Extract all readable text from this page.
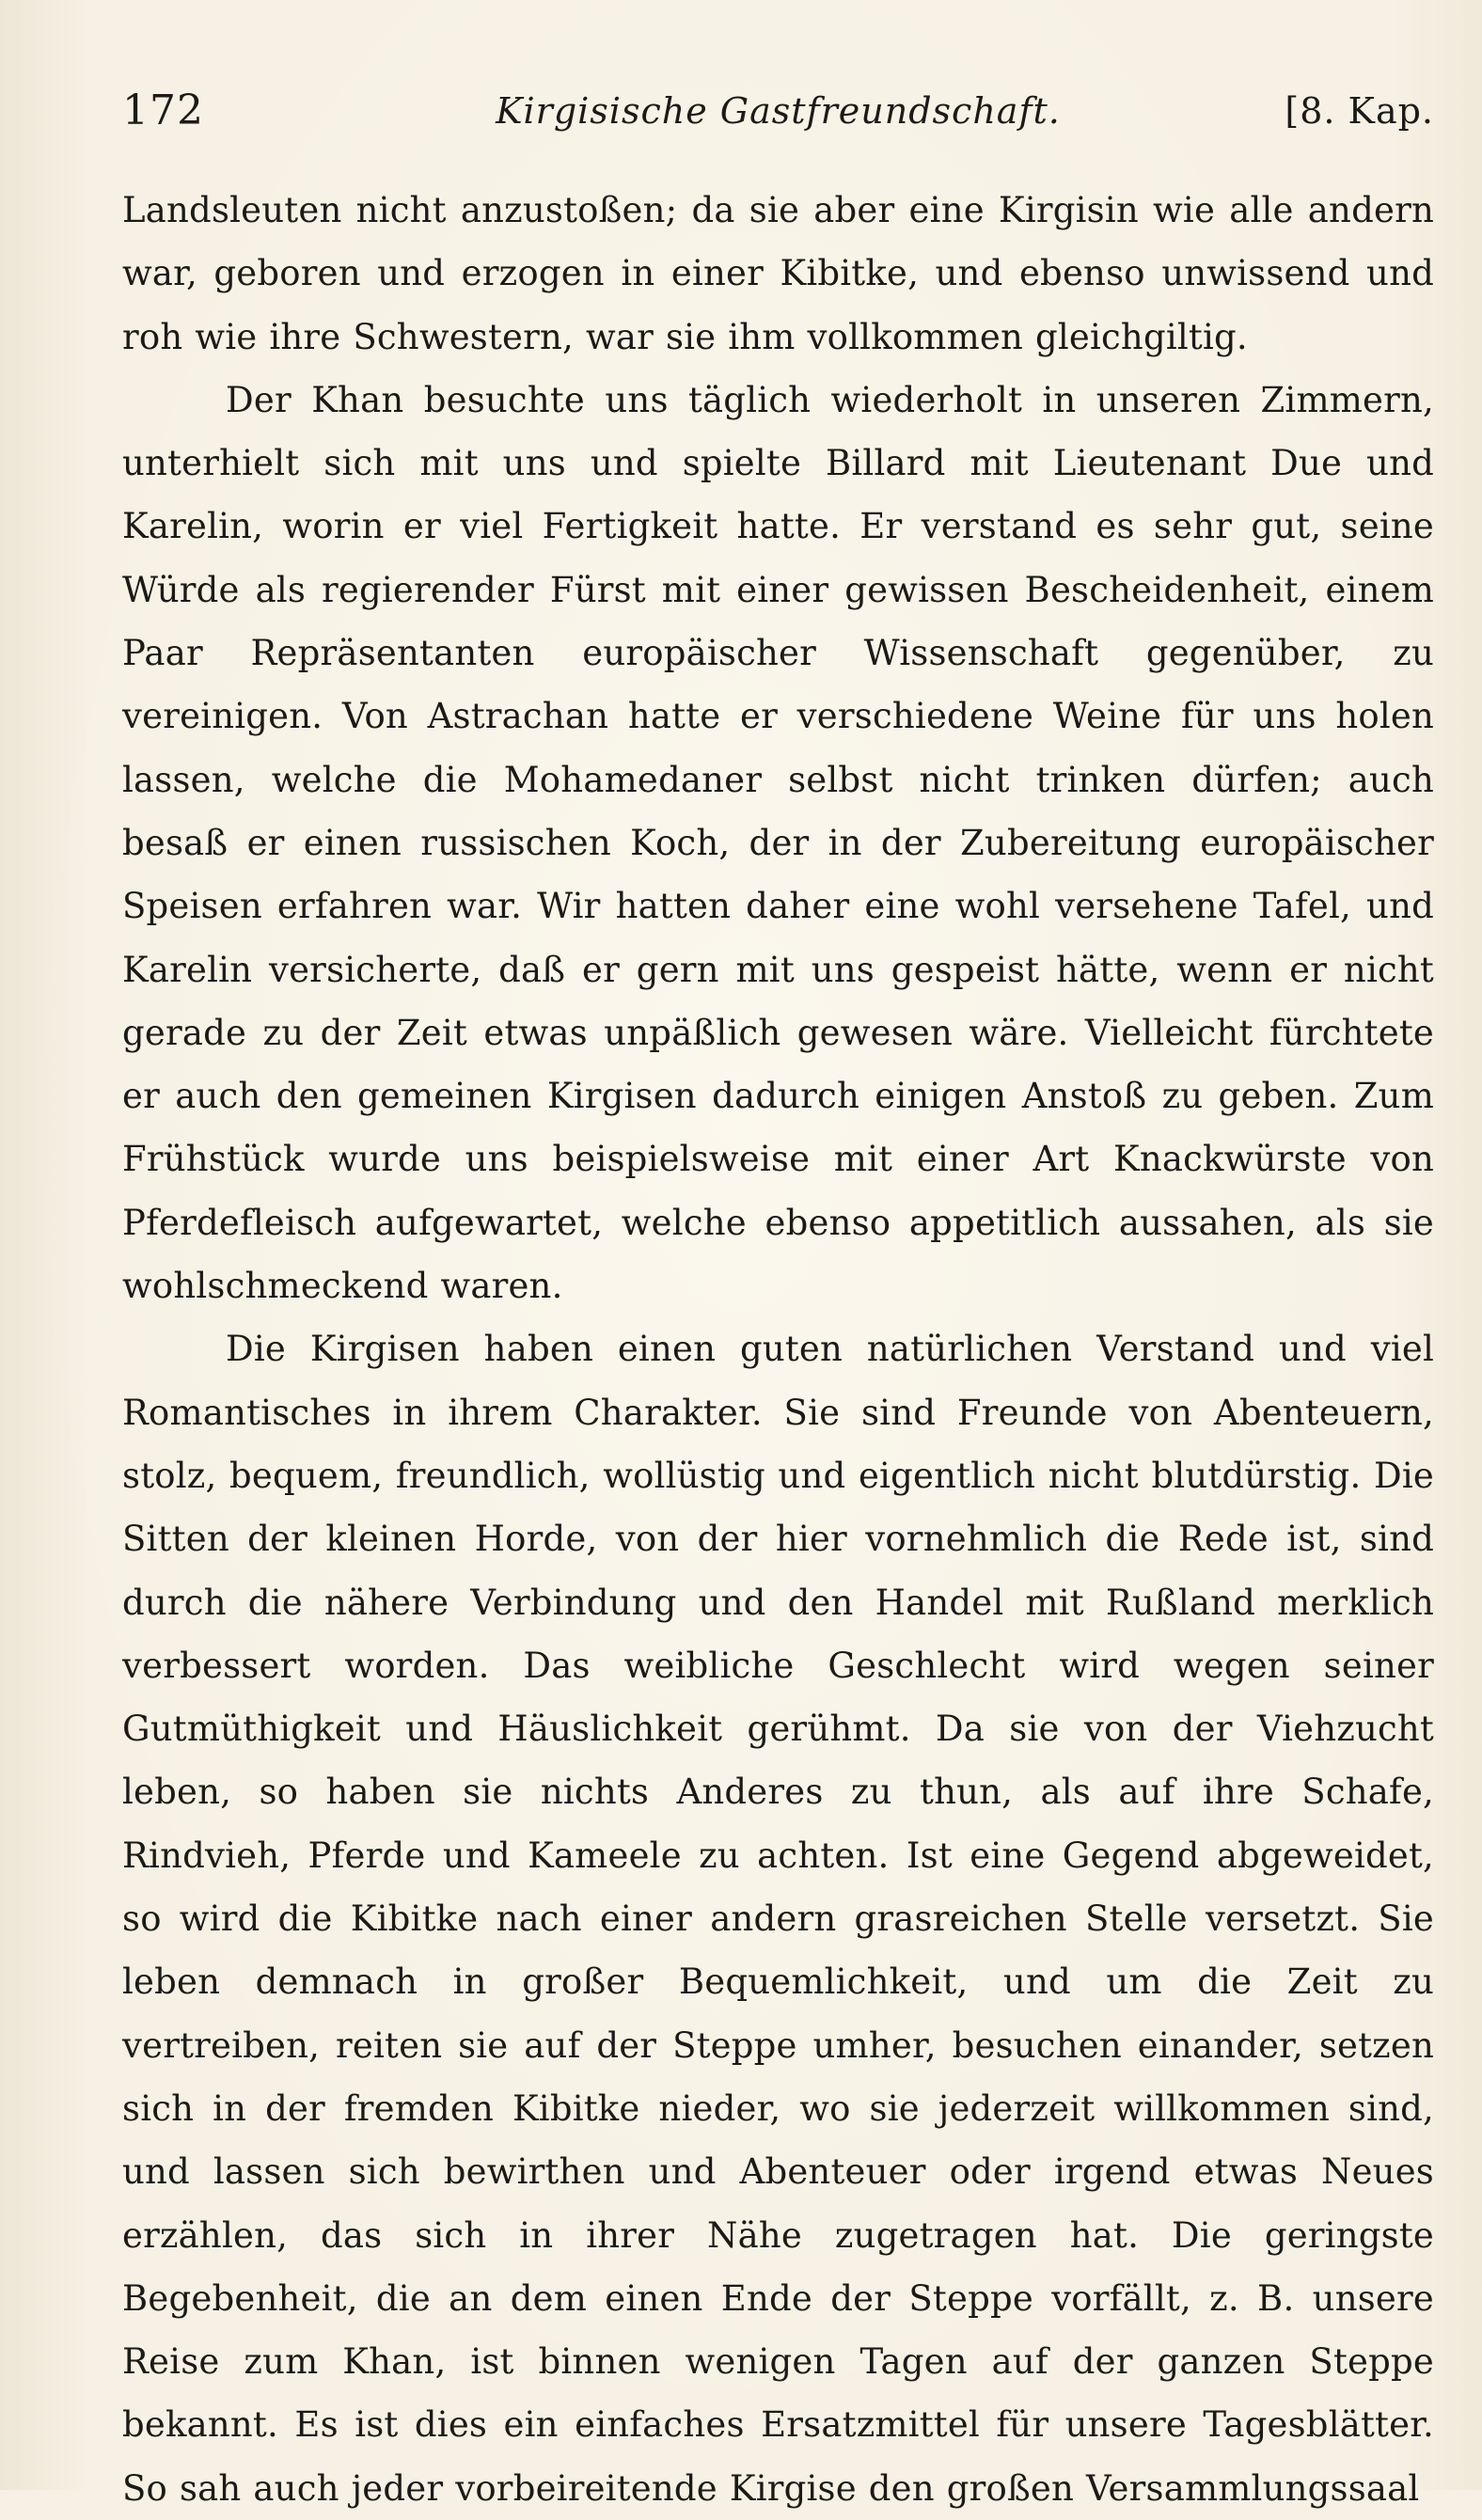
172	Kirgisische Gastfreundschaft.	[8. Kap.

Landsleuten nicht anzustoßen; da sie aber eine Kirgisin wie alle andern war, geboren und erzogen in einer Kibitke, und ebenso unwissend und roh wie ihre Schwestern, war sie ihm vollkommen gleichgiltig.

Der Khan besuchte uns täglich wiederholt in unseren Zimmern, unterhielt sich mit uns und spielte Billard mit Lieutenant Due und Karelin, worin er viel Fertigkeit hatte. Er verstand es sehr gut, seine Würde als regierender Fürst mit einer gewissen Bescheidenheit, einem Paar Repräsentanten europäischer Wissenschaft gegenüber, zu vereinigen. Von Astrachan hatte er verschiedene Weine für uns holen lassen, welche die Mohamedaner selbst nicht trinken dürfen; auch besaß er einen russischen Koch, der in der Zubereitung europäischer Speisen erfahren war. Wir hatten daher eine wohl versehene Tafel, und Karelin versicherte, daß er gern mit uns gespeist hätte, wenn er nicht gerade zu der Zeit etwas unpäßlich gewesen wäre. Vielleicht fürchtete er auch den gemeinen Kirgisen dadurch einigen Anstoß zu geben. Zum Frühstück wurde uns beispielsweise mit einer Art Knackwürste von Pferdefleisch aufgewartet, welche ebenso appetitlich aussahen, als sie wohlschmeckend waren.

Die Kirgisen haben einen guten natürlichen Verstand und viel Romantisches in ihrem Charakter. Sie sind Freunde von Abenteuern, stolz, bequem, freundlich, wollüstig und eigentlich nicht blutdürstig. Die Sitten der kleinen Horde, von der hier vornehmlich die Rede ist, sind durch die nähere Verbindung und den Handel mit Rußland merklich verbessert worden. Das weibliche Geschlecht wird wegen seiner Gutmüthigkeit und Häuslichkeit gerühmt. Da sie von der Viehzucht leben, so haben sie nichts Anderes zu thun, als auf ihre Schafe, Rindvieh, Pferde und Kameele zu achten. Ist eine Gegend abgeweidet, so wird die Kibitke nach einer andern grasreichen Stelle versetzt. Sie leben demnach in großer Bequemlichkeit, und um die Zeit zu vertreiben, reiten sie auf der Steppe umher, besuchen einander, setzen sich in der fremden Kibitke nieder, wo sie jederzeit willkommen sind, und lassen sich bewirthen und Abenteuer oder irgend etwas Neues erzählen, das sich in ihrer Nähe zugetragen hat. Die geringste Begebenheit, die an dem einen Ende der Steppe vorfällt, z. B. unsere Reise zum Khan, ist binnen wenigen Tagen auf der ganzen Steppe bekannt. Es ist dies ein einfaches Ersatzmittel für unsere Tagesblätter. So sah auch jeder vorbeireitende Kirgise den großen Versammlungssaal
